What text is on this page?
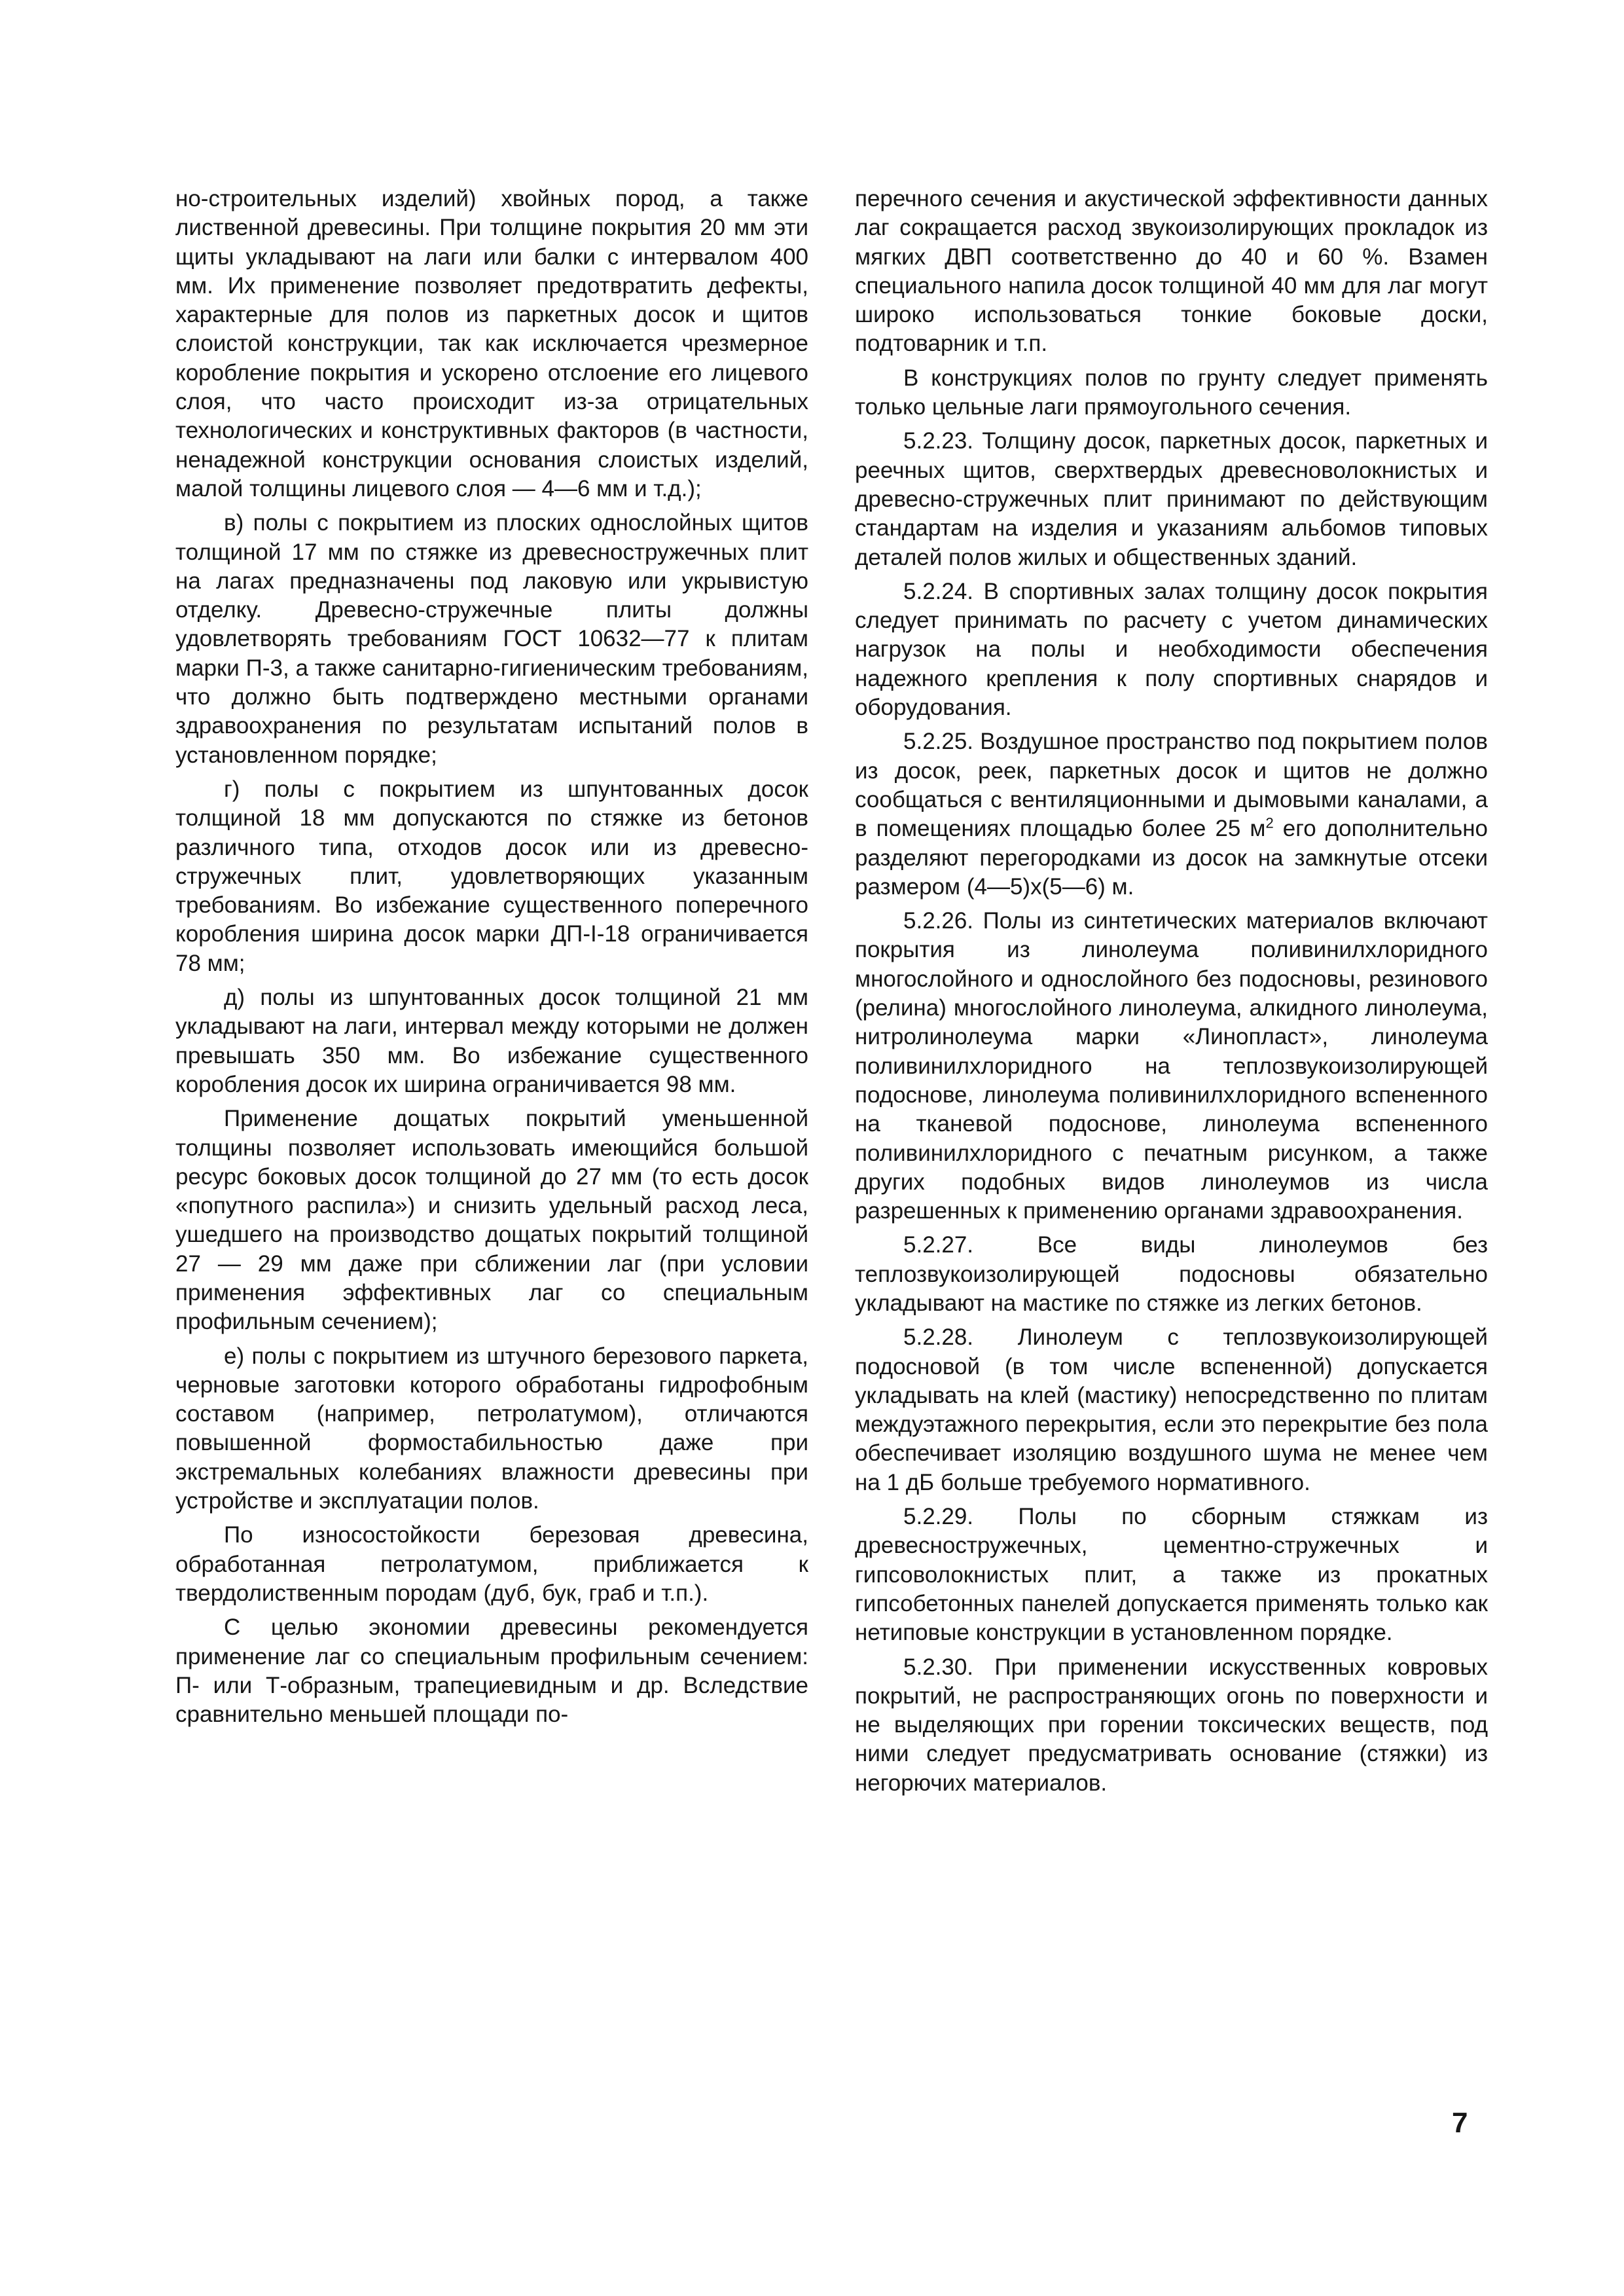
но-строительных изделий) хвойных пород, а также лиственной древесины. При толщине покрытия 20 мм эти щиты укладывают на лаги или балки с интервалом 400 мм. Их применение позволяет предотвратить дефекты, характерные для полов из паркетных досок и щитов слоистой конструкции, так как исключается чрезмерное коробление покрытия и ускорено отслоение его лицевого слоя, что часто происходит из-за отрицательных технологических и конструктивных факторов (в частности, ненадежной конструкции основания слоистых изделий, малой толщины лицевого слоя — 4—6 мм и т.д.);

в) полы с покрытием из плоских однослойных щитов толщиной 17 мм по стяжке из древесностружечных плит на лагах предназначены под лаковую или укрывистую отделку. Древесно-стружечные плиты должны удовлетворять требованиям ГОСТ 10632—77 к плитам марки П-3, а также санитарно-гигиеническим требованиям, что должно быть подтверждено местными органами здравоохранения по результатам испытаний полов в установленном порядке;

г) полы с покрытием из шпунтованных досок толщиной 18 мм допускаются по стяжке из бетонов различного типа, отходов досок или из древесно-стружечных плит, удовлетворяющих указанным требованиям. Во избежание существенного поперечного коробления ширина досок марки ДП-I-18 ограничивается 78 мм;

д) полы из шпунтованных досок толщиной 21 мм укладывают на лаги, интервал между которыми не должен превышать 350 мм. Во избежание существенного коробления досок их ширина ограничивается 98 мм.

Применение дощатых покрытий уменьшенной толщины позволяет использовать имеющийся большой ресурс боковых досок толщиной до 27 мм (то есть досок «попутного распила») и снизить удельный расход леса, ушедшего на производство дощатых покрытий толщиной 27 — 29 мм даже при сближении лаг (при условии применения эффективных лаг со специальным профильным сечением);

е) полы с покрытием из штучного березового паркета, черновые заготовки которого обработаны гидрофобным составом (например, петролатумом), отличаются повышенной формостабильностью даже при экстремальных колебаниях влажности древесины при устройстве и эксплуатации полов.

По износостойкости березовая древесина, обработанная петролатумом, приближается к твердолиственным породам (дуб, бук, граб и т.п.).

С целью экономии древесины рекомендуется применение лаг со специальным профильным сечением: П- или Т-образным, трапециевидным и др. Вследствие сравнительно меньшей площади по-

перечного сечения и акустической эффективности данных лаг сокращается расход звукоизолирующих прокладок из мягких ДВП соответственно до 40 и 60 %. Взамен специального напила досок толщиной 40 мм для лаг могут широко использоваться тонкие боковые доски, подтоварник и т.п.

В конструкциях полов по грунту следует применять только цельные лаги прямоугольного сечения.

5.2.23. Толщину досок, паркетных досок, паркетных и реечных щитов, сверхтвердых древесноволокнистых и древесно-стружечных плит принимают по действующим стандартам на изделия и указаниям альбомов типовых деталей полов жилых и общественных зданий.

5.2.24. В спортивных залах толщину досок покрытия следует принимать по расчету с учетом динамических нагрузок на полы и необходимости обеспечения надежного крепления к полу спортивных снарядов и оборудования.

5.2.25. Воздушное пространство под покрытием полов из досок, реек, паркетных досок и щитов не должно сообщаться с вентиляционными и дымовыми каналами, а в помещениях площадью более 25 $м^2$ его дополнительно разделяют перегородками из досок на замкнутые отсеки размером (4—5)х(5—6) м.

5.2.26. Полы из синтетических материалов включают покрытия из линолеума поливинилхлоридного многослойного и однослойного без подосновы, резинового (релина) многослойного линолеума, алкидного линолеума, нитролинолеума марки «Линопласт», линолеума поливинилхлоридного на теплозвукоизолирующей подоснове, линолеума поливинилхлоридного вспененного на тканевой подоснове, линолеума вспененного поливинилхлоридного с печатным рисунком, а также других подобных видов линолеумов из числа разрешенных к применению органами здравоохранения.

5.2.27. Все виды линолеумов без теплозвукоизолирующей подосновы обязательно укладывают на мастике по стяжке из легких бетонов.

5.2.28. Линолеум с теплозвукоизолирующей подосновой (в том числе вспененной) допускается укладывать на клей (мастику) непосредственно по плитам междуэтажного перекрытия, если это перекрытие без пола обеспечивает изоляцию воздушного шума не менее чем на 1 дБ больше требуемого нормативного.

5.2.29. Полы по сборным стяжкам из древесностружечных, цементно-стружечных и гипсоволокнистых плит, а также из прокатных гипсобетонных панелей допускается применять только как нетиповые конструкции в установленном порядке.

5.2.30. При применении искусственных ковровых покрытий, не распространяющих огонь по поверхности и не выделяющих при горении токсических веществ, под ними следует предусматривать основание (стяжки) из негорючих материалов.

7
